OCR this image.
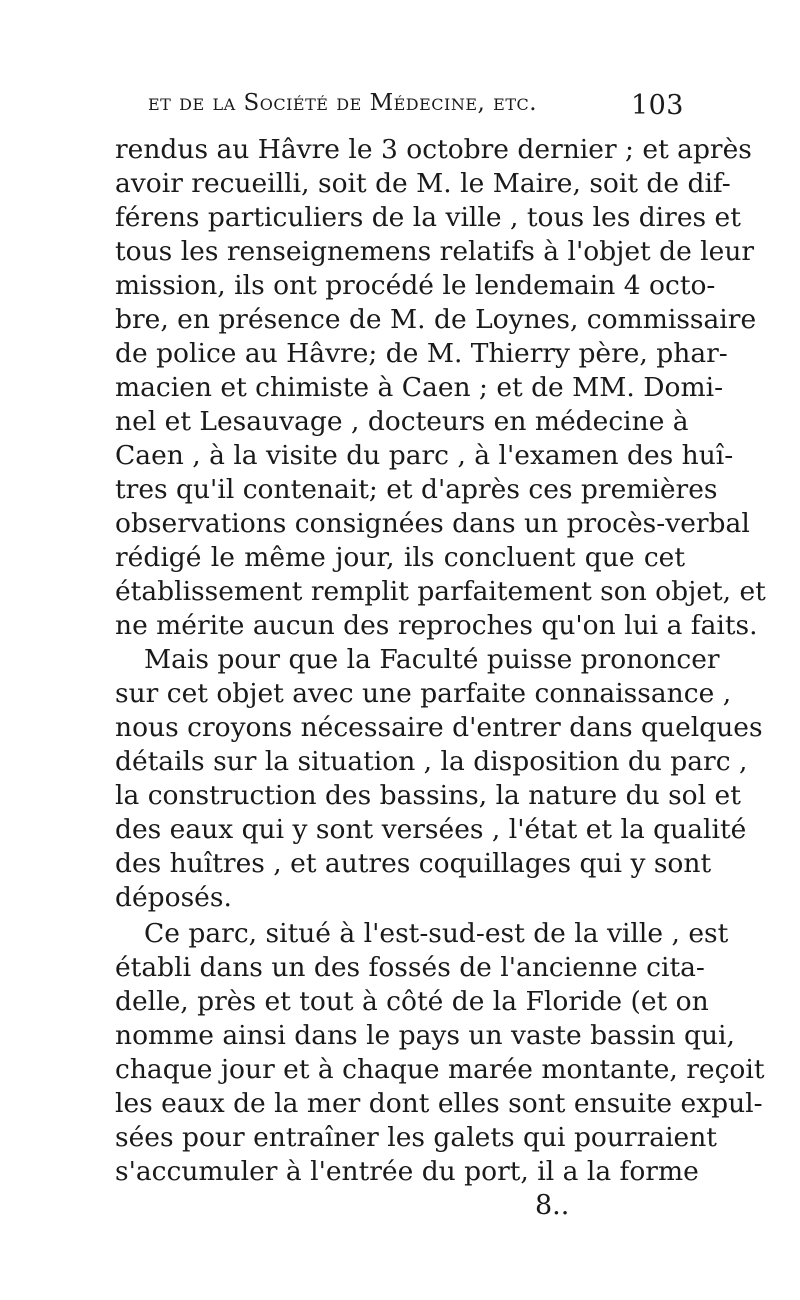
et de la Société de Médecine, etc.	103
rendus au Hâvre le 3 octobre dernier ; et après
avoir recueilli, soit de M. le Maire, soit de dif-
férens particuliers de la ville , tous les dires et
tous les renseignemens relatifs à l'objet de leur
mission, ils ont procédé le lendemain 4 octo-
bre, en présence de M. de Loynes, commissaire
de police au Hâvre; de M. Thierry père, phar-
macien et chimiste à Caen ; et de MM. Domi-
nel et Lesauvage , docteurs en médecine à
Caen , à la visite du parc , à l'examen des huî-
tres qu'il contenait; et d'après ces premières
observations consignées dans un procès-verbal
rédigé le même jour, ils concluent que cet
établissement remplit parfaitement son objet, et
ne mérite aucun des reproches qu'on lui a faits.
Mais pour que la Faculté puisse prononcer
sur cet objet avec une parfaite connaissance ,
nous croyons nécessaire d'entrer dans quelques
détails sur la situation , la disposition du parc ,
la construction des bassins, la nature du sol et
des eaux qui y sont versées , l'état et la qualité
des huîtres , et autres coquillages qui y sont
déposés.
Ce parc, situé à l'est-sud-est de la ville , est
établi dans un des fossés de l'ancienne cita-
delle, près et tout à côté de la Floride (et on
nomme ainsi dans le pays un vaste bassin qui,
chaque jour et à chaque marée montante, reçoit
les eaux de la mer dont elles sont ensuite expul-
sées pour entraîner les galets qui pourraient
s'accumuler à l'entrée du port, il a la forme
8..
